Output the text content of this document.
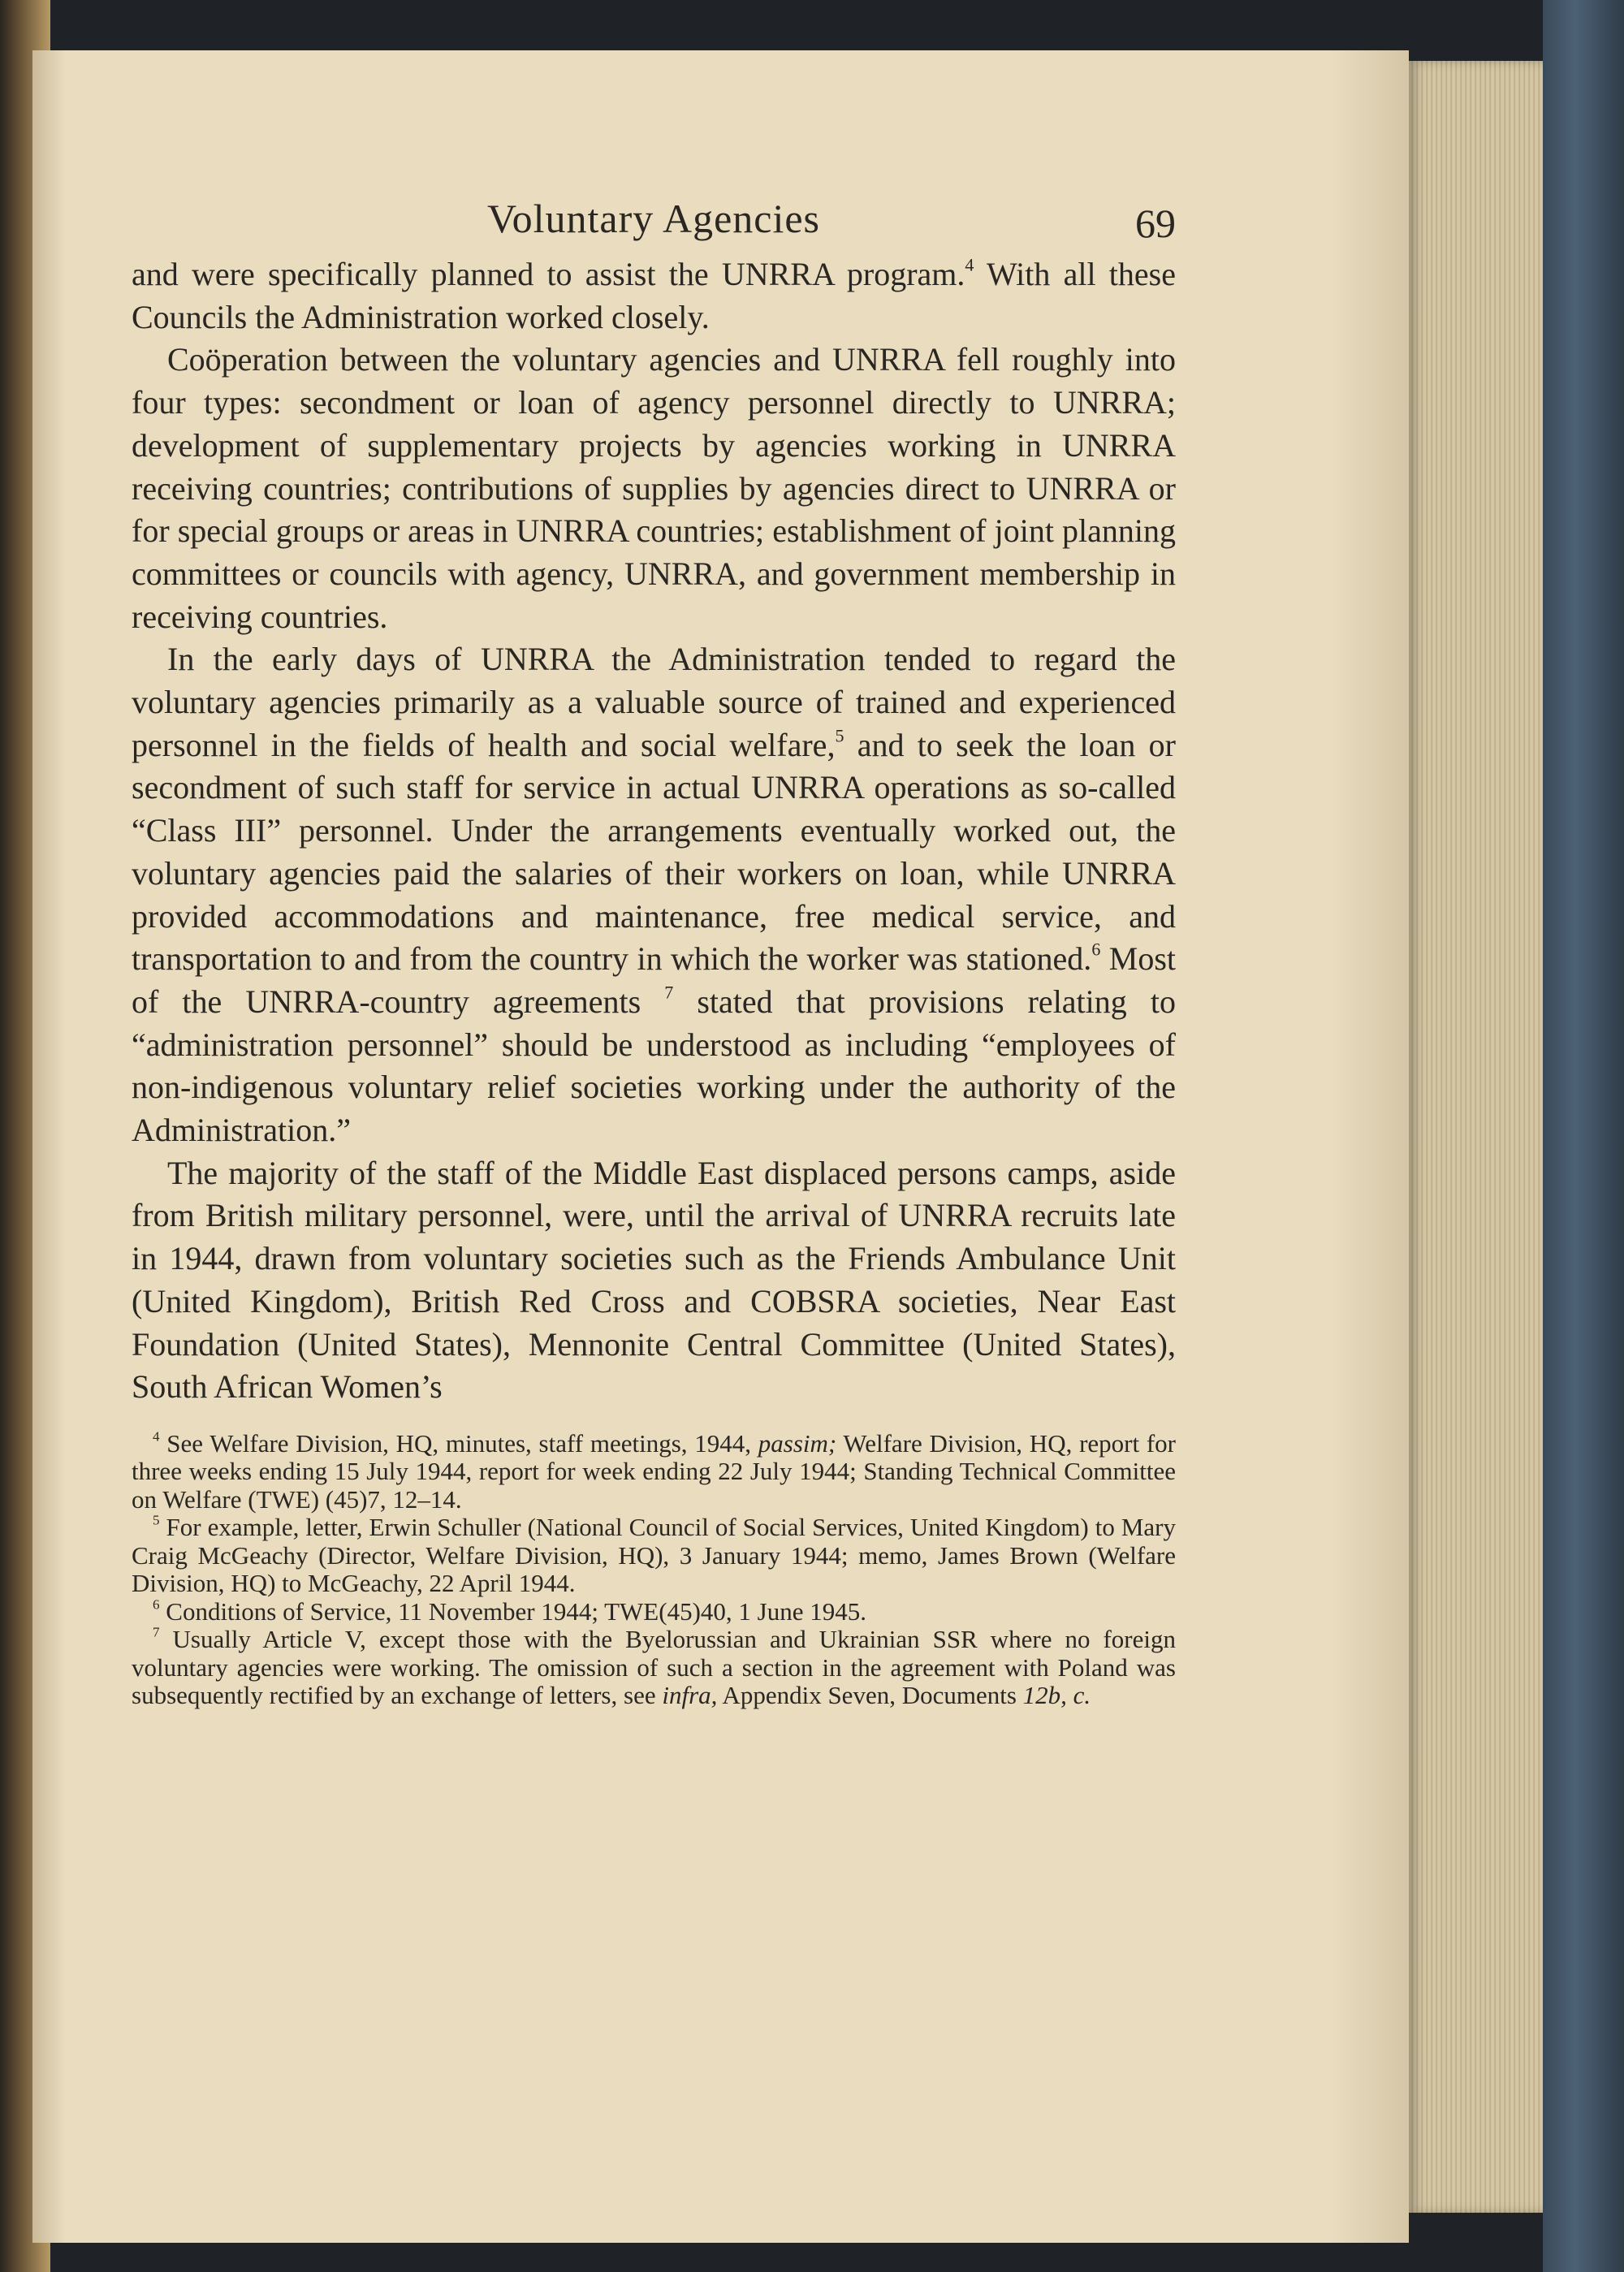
Voluntary Agencies	69

and were specifically planned to assist the UNRRA program.$^4$ With all these Councils the Administration worked closely.

Coöperation between the voluntary agencies and UNRRA fell roughly into four types: secondment or loan of agency personnel directly to UNRRA; development of supplementary projects by agencies working in UNRRA receiving countries; contributions of supplies by agencies direct to UNRRA or for special groups or areas in UNRRA countries; establishment of joint planning committees or councils with agency, UNRRA, and government membership in receiving countries.

In the early days of UNRRA the Administration tended to regard the voluntary agencies primarily as a valuable source of trained and experienced personnel in the fields of health and social welfare,$^5$ and to seek the loan or secondment of such staff for service in actual UNRRA operations as so-called “Class III” personnel. Under the arrangements eventually worked out, the voluntary agencies paid the salaries of their workers on loan, while UNRRA provided accommodations and maintenance, free medical service, and transportation to and from the country in which the worker was stationed.$^6$ Most of the UNRRA-country agreements $^7$ stated that provisions relating to “administration personnel” should be understood as including “employees of non-indigenous voluntary relief societies working under the authority of the Administration.”

The majority of the staff of the Middle East displaced persons camps, aside from British military personnel, were, until the arrival of UNRRA recruits late in 1944, drawn from voluntary societies such as the Friends Ambulance Unit (United Kingdom), British Red Cross and COBSRA societies, Near East Foundation (United States), Mennonite Central Committee (United States), South African Women’s

$^4$ See Welfare Division, HQ, minutes, staff meetings, 1944, passim; Welfare Division, HQ, report for three weeks ending 15 July 1944, report for week ending 22 July 1944; Standing Technical Committee on Welfare (TWE) (45)7, 12–14.

$^5$ For example, letter, Erwin Schuller (National Council of Social Services, United Kingdom) to Mary Craig McGeachy (Director, Welfare Division, HQ), 3 January 1944; memo, James Brown (Welfare Division, HQ) to McGeachy, 22 April 1944.

$^6$ Conditions of Service, 11 November 1944; TWE(45)40, 1 June 1945.

$^7$ Usually Article V, except those with the Byelorussian and Ukrainian SSR where no foreign voluntary agencies were working. The omission of such a section in the agreement with Poland was subsequently rectified by an exchange of letters, see infra, Appendix Seven, Documents 12b, c.
